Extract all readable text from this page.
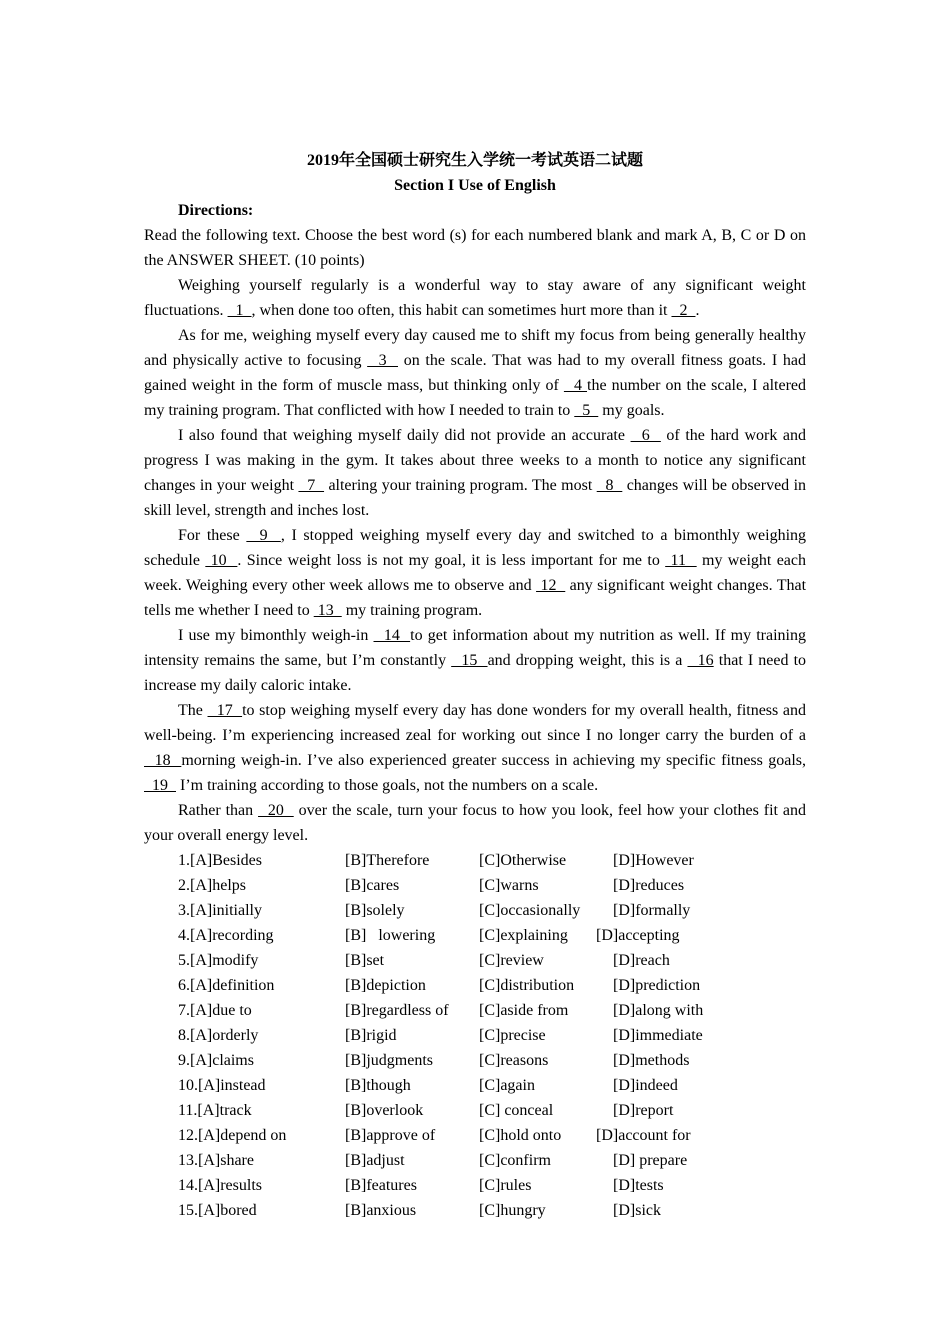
2019年全国硕士研究生入学统一考试英语二试题
Section I Use of English
Directions:
Read the following text. Choose the best word (s) for each numbered blank and mark A, B, C or D on the ANSWER SHEET. (10 points)
Weighing yourself regularly is a wonderful way to stay aware of any significant weight fluctuations.   1  , when done too often, this habit can sometimes hurt more than it   2  .
As for me, weighing myself every day caused me to shift my focus from being generally healthy and physically active to focusing   3   on the scale. That was had to my overall fitness goats. I had gained weight in the form of muscle mass, but thinking only of   4 the number on the scale, I altered my training program. That conflicted with how I needed to train to   5   my goals.
I also found that weighing myself daily did not provide an accurate   6   of the hard work and progress I was making in the gym. It takes about three weeks to a month to notice any significant changes in your weight   7   altering your training program. The most   8   changes will be observed in skill level, strength and inches lost.
For these   9  , I stopped weighing myself every day and switched to a bimonthly weighing schedule  10  . Since weight loss is not my goal, it is less important for me to  11   my weight each week. Weighing every other week allows me to observe and  12   any significant weight changes. That tells me whether I need to  13   my training program.
I use my bimonthly weigh-in   14  to get information about my nutrition as well. If my training intensity remains the same, but I’m constantly   15  and dropping weight, this is a   16 that I need to increase my daily caloric intake.
The   17  to stop weighing myself every day has done wonders for my overall health, fitness and well-being. I’m experiencing increased zeal for working out since I no longer carry the burden of a   18  morning weigh-in. I’ve also experienced greater success in achieving my specific fitness goals,   19   I’m training according to those goals, not the numbers on a scale.
Rather than   20   over the scale, turn your focus to how you look, feel how your clothes fit and your overall energy level.
1.[A]Besides	[B]Therefore	[C]Otherwise	[D]However
2.[A]helps	[B]cares	[C]warns	[D]reduces
3.[A]initially	[B]solely	[C]occasionally [D]formally
4.[A]recording	[B]   lowering	[C]explaining [D]accepting
5.[A]modify	[B]set	[C]review	[D]reach
6.[A]definition	[B]depiction	[C]distribution [D]prediction
7.[A]due to	[B]regardless of [C]aside from	[D]along with
8.[A]orderly	[B]rigid	[C]precise	[D]immediate
9.[A]claims	[B]judgments	[C]reasons	[D]methods
10.[A]instead	[B]though	[C]again	[D]indeed
11.[A]track	[B]overlook	[C] conceal	[D]report
12.[A]depend on	[B]approve of	[C]hold onto [D]account for
13.[A]share	[B]adjust	[C]confirm	[D] prepare
14.[A]results	[B]features	[C]rules	[D]tests
15.[A]bored	[B]anxious	[C]hungry	[D]sick
